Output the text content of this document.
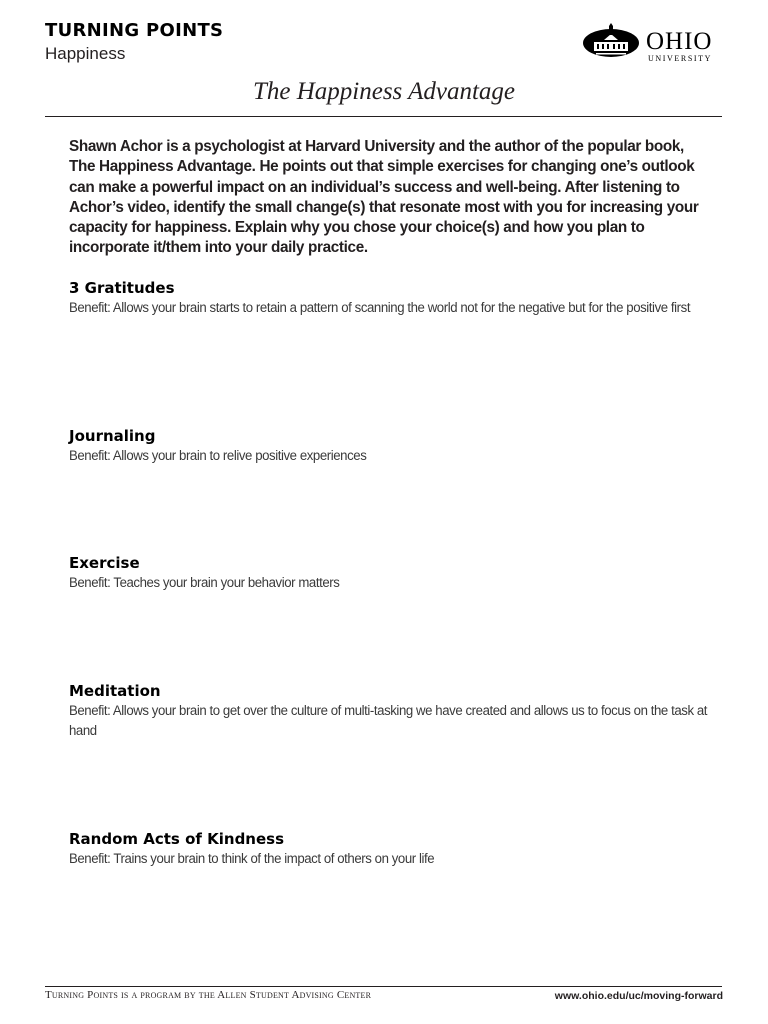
TURNING POINTS
Happiness	OHIO
UNIVERSITY
The Happiness Advantage
Shawn Achor is a psychologist at Harvard University and the author of the popular book, The Happiness Advantage. He points out that simple exercises for changing one’s outlook can make a powerful impact on an individual’s success and well-being. After listening to Achor’s video, identify the small change(s) that resonate most with you for increasing your capacity for happiness. Explain why you chose your choice(s) and how you plan to incorporate it/them into your daily practice.
3 Gratitudes
Benefit: Allows your brain starts to retain a pattern of scanning the world not for the negative but for the positive first
Journaling
Benefit: Allows your brain to relive positive experiences
Exercise
Benefit: Teaches your brain your behavior matters
Meditation
Benefit: Allows your brain to get over the culture of multi-tasking we have created and allows us to focus on the task at hand
Random Acts of Kindness
Benefit: Trains your brain to think of the impact of others on your life
Turning Points is a program by the Allen Student Advising Center	www.ohio.edu/uc/moving-forward
